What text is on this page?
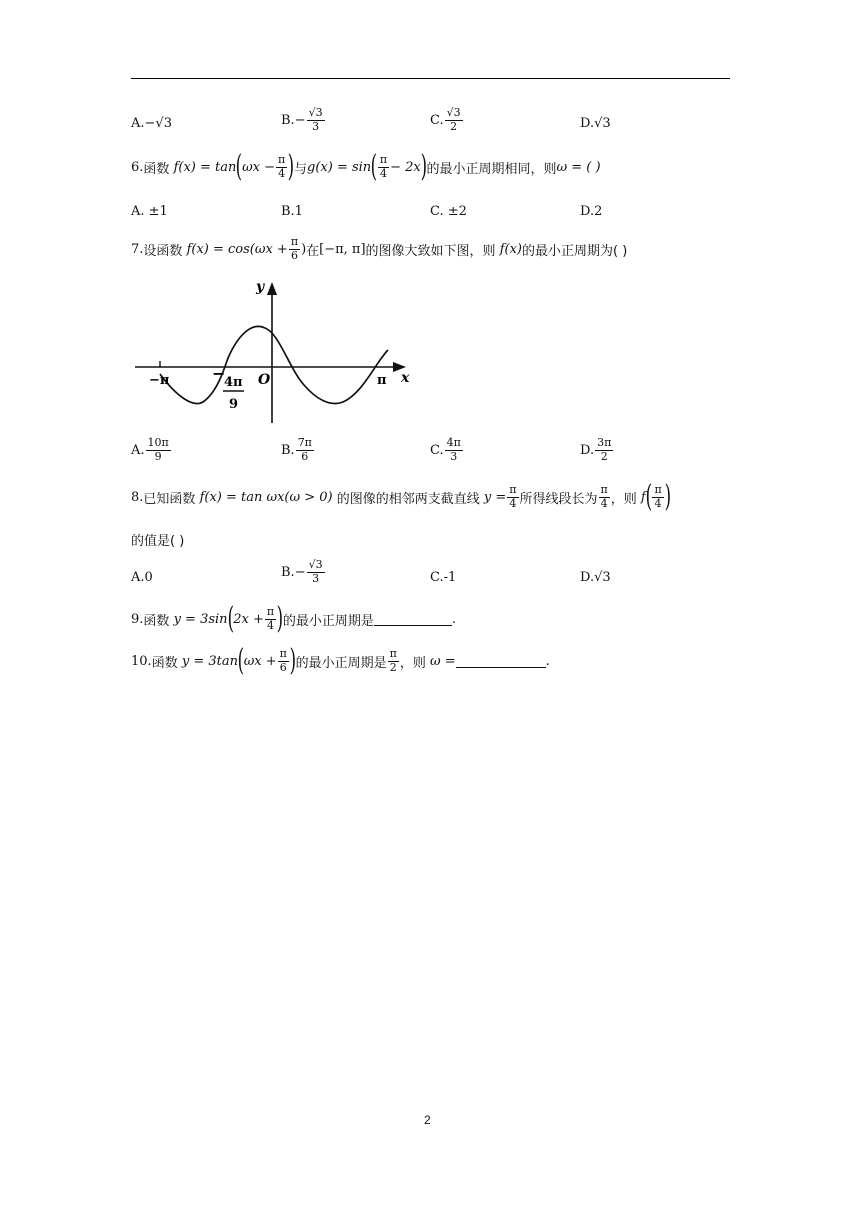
A. −√3	B. − $\frac{√3}{3}$	C. $\frac{√3}{2}$	D. √3
6. 函数
f(x) = tan ( $\omega x - \frac{\pi}{4}$ ) 与 g(x) = sin ( $\frac{\pi}{4} - 2x$ ) 的最小正周期相同，则 ω = ( )
A. ±1	B.1	C. ±2	D.2
7. 设函数
$f(x) = \cos(\omega x + \frac{\pi}{6}$ ) 在 [−π, π] 的图像大致如下图，则
f(x) 的最小正周期为( )
y
x
O
−π	π
−
4π
9
A. $\frac{10\pi}{9}$	B. $\frac{7\pi}{6}$	C. $\frac{4\pi}{3}$	D. $\frac{3\pi}{2}$
8. 已知函数
f(x) = tan ωx(ω > 0)
的图像的相邻两支截直线
$y = \frac{\pi}{4}$ 所得线段长为 $\frac{\pi}{4}$ ，则
f ( $\frac{\pi}{4}$ )
的值是( )
A.0	B. − $\frac{√3}{3}$	C.-1	D. √3
9. 函数
y = 3sin ( $2x + \frac{\pi}{4}$ ) 的最小正周期是	.
10. 函数
y = 3tan ( $\omega x + \frac{\pi}{6}$ ) 的最小正周期是 $\frac{\pi}{2}$ ，则
ω =	.
2
